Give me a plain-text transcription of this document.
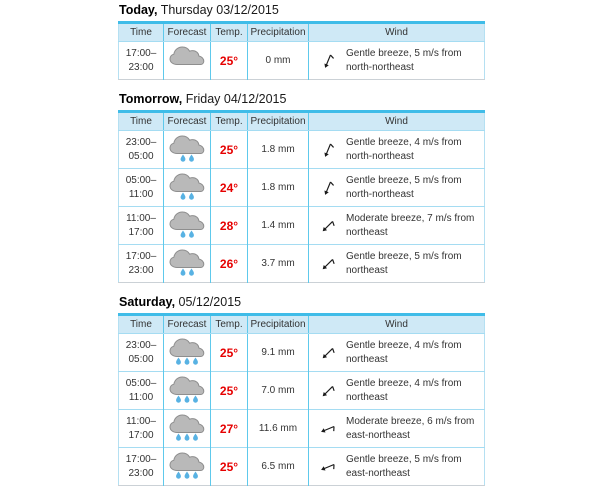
Today, Thursday 03/12/2015
Time	Forecast	Temp.	Precipitation	Wind
17:00–
23:00		25°	0 mm	Gentle breeze, 5 m/s from north-northeast
Tomorrow, Friday 04/12/2015
Time	Forecast	Temp.	Precipitation	Wind
23:00–
05:00		25°	1.8 mm	Gentle breeze, 4 m/s from north-northeast

05:00–
11:00		24°	1.8 mm	Gentle breeze, 5 m/s from north-northeast

11:00–
17:00		28°	1.4 mm	Moderate breeze, 7 m/s from northeast

17:00–
23:00		26°	3.7 mm	Gentle breeze, 5 m/s from northeast
Saturday, 05/12/2015
Time	Forecast	Temp.	Precipitation	Wind
23:00–
05:00		25°	9.1 mm	Gentle breeze, 4 m/s from northeast

05:00–
11:00		25°	7.0 mm	Gentle breeze, 4 m/s from northeast

11:00–
17:00		27°	11.6 mm	Moderate breeze, 6 m/s from east-northeast

17:00–
23:00		25°	6.5 mm	Gentle breeze, 5 m/s from east-northeast
